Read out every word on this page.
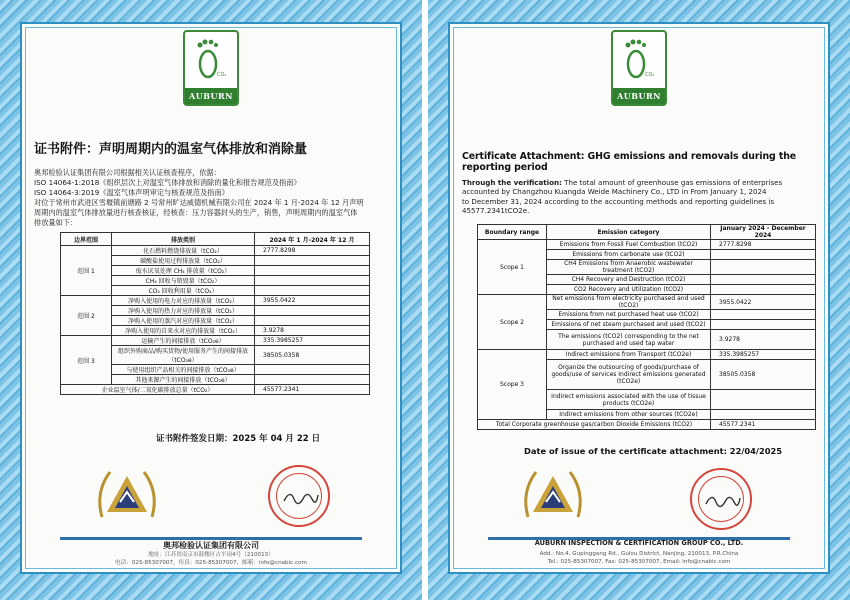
CO₂
AUBURN
证书附件：声明周期内的温室气体排放和消除量
奥邦检验认证集团有限公司根据相关认证核查程序，依据：
ISO 14064-1:2018《组织层次上对温室气体排放和消除的量化和报告规范及指南》
ISO 14064-3:2019《温室气体声明审定与核查规范及指南》
对位于常州市武进区雪堰镇前塘路 2 号常州旷达威德机械有限公司在 2024 年 1 月-2024 年 12 月声明
周期内的温室气体排放量进行核查核证，经核查：压力容器封头的生产，销售，声明周期内的温室气体
排放量如下：
边界范围	排放类别	2024 年 1 月-2024 年 12 月
范围 1	化石燃料燃烧排放量（tCO₂）	2777.8298
	碳酸盐使用过程排放量（tCO₂）	
	废水厌氧处理 CH₄ 排放量（tCO₂）	
	CH₄ 回收与销毁量（tCO₂）	
	CO₂ 回收利用量（tCO₂）	
范围 2	净购入使用的电力对应的排放量（tCO₂）	3955.0422
	净购入使用的热力对应的排放量（tCO₂）	
	净购入使用的蒸汽对应的排放量（tCO₂）	
	净购入使用的自来水对应的排放量（tCO₂）	3.9278
范围 3	运输产生的间接排放（tCO₂e）	335.3985257
	组织外购商品/购买货物/使用服务产生的间接排放（tCO₂e）	38505.0358
	与使用组织产品相关的间接排放（tCO₂e）	
	其他来源产生的间接排放（tCO₂e）	
企业温室气体/二氧化碳排放总量（tCO₂）		45577.2341
证书附件签发日期：2025 年 04 月 22 日
奥邦检验认证集团有限公司
地址：江苏省南京市鼓楼区古平岗4号（210013）
电话：025-85307007，传真：025-85307007，邮箱：info@cnabic.com
CO₂
AUBURN
Certificate Attachment: GHG emissions and removals during the reporting period
Through the verification: The total amount of greenhouse gas emissions of enterprises
accounted by Changzhou Kuangda Weide Machinery Co., LTD in From January 1, 2024
to December 31, 2024 according to the accounting methods and reporting guidelines is
45577.2341tCO2e.
Boundary range	Emission category	January 2024 - December 2024
Scope 1	Emissions from Fossil Fuel Combustion (tCO2)	2777.8298
	Emissions from carbonate use (tCO2)	
	CH4 Emissions from Anaerobic wastewater treatment (tCO2)	
	CH4 Recovery and Destruction (tCO2)	
	CO2 Recovery and Utilization (tCO2)	
Scope 2	Net emissions from electricity purchased and used (tCO2)	3955.0422
	Emissions from net purchased heat use (tCO2)	
	Emissions of net steam purchased and used (tCO2)	
	The emissions (tCO2) corresponding to the net purchased and used tap water	3.9278
Scope 3	Indirect emissions from Transport (tCO2e)	335.3985257
	Organize the outsourcing of goods/purchase of goods/use of services Indirect emissions generated (tCO2e)	38505.0358
	Indirect emissions associated with the use of tissue products (tCO2e)	
	Indirect emissions from other sources (tCO2e)	
Total Corporate greenhouse gas/carbon Dioxide Emissions (tCO2)		45577.2341
Date of issue of the certificate attachment: 22/04/2025
AUBURN INSPECTION & CERTIFICATION GROUP CO., LTD.
Add.: No.4, Gupinggang Rd., Gulou District, Nanjing, 210013, P.R.China
Tel.: 025-85307007, Fax: 025-85307007, Email: info@cnabic.com
